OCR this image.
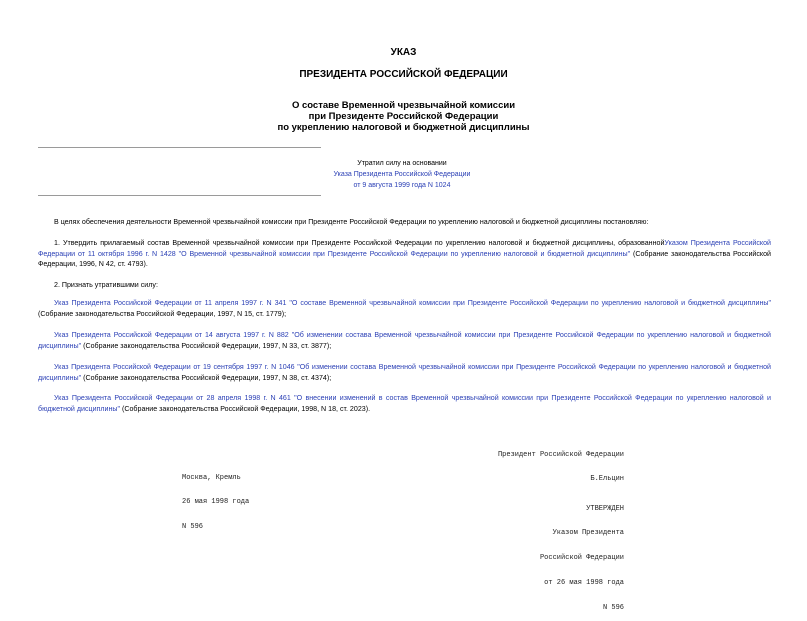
УКАЗ
ПРЕЗИДЕНТА РОССИЙСКОЙ ФЕДЕРАЦИИ
О составе Временной чрезвычайной комиссии
при Президенте Российской Федерации
по укреплению налоговой и бюджетной дисциплины
Утратил силу на основании
Указа Президента Российской Федерации
от 9 августа 1999 года N 1024
В целях обеспечения деятельности Временной чрезвычайной комиссии при Президенте Российской Федерации по укреплению налоговой и бюджетной дисциплины постановляю:
1. Утвердить прилагаемый состав Временной чрезвычайной комиссии при Президенте Российской Федерации по укреплению налоговой и бюджетной дисциплины, образованнойУказом Президента Российской Федерации от 11 октября 1996 г. N 1428 "О Временной чрезвычайной комиссии при Президенте Российской Федерации по укреплению налоговой и бюджетной дисциплины" (Собрание законодательства Российской Федерации, 1996, N 42, ст. 4793).
2. Признать утратившими силу:
Указ Президента Российской Федерации от 11 апреля 1997 г. N 341 "О составе Временной чрезвычайной комиссии при Президенте Российской Федерации по укреплению налоговой и бюджетной дисциплины" (Собрание законодательства Российской Федерации, 1997, N 15, ст. 1779);
Указ Президента Российской Федерации от 14 августа 1997 г. N 882 "Об изменении состава Временной чрезвычайной комиссии при Президенте Российской Федерации по укреплению налоговой и бюджетной дисциплины" (Собрание законодательства Российской Федерации, 1997, N 33, ст. 3877);
Указ Президента Российской Федерации от 19 сентября 1997 г. N 1046 "Об изменении состава Временной чрезвычайной комиссии при Президенте Российской Федерации по укреплению налоговой и бюджетной дисциплины" (Собрание законодательства Российской Федерации, 1997, N 38, ст. 4374);
Указ Президента Российской Федерации от 28 апреля 1998 г. N 461 "О внесении изменений в состав Временной чрезвычайной комиссии при Президенте Российской Федерации по укреплению налоговой и бюджетной дисциплины" (Собрание законодательства Российской Федерации, 1998, N 18, ст. 2023).

Президент Российской Федерации

Б.Ельцин

Москва, Кремль

26 мая 1998 года

N 596

УТВЕРЖДЕН

Указом Президента

Российской Федерации

от 26 мая 1998 года

N 596
